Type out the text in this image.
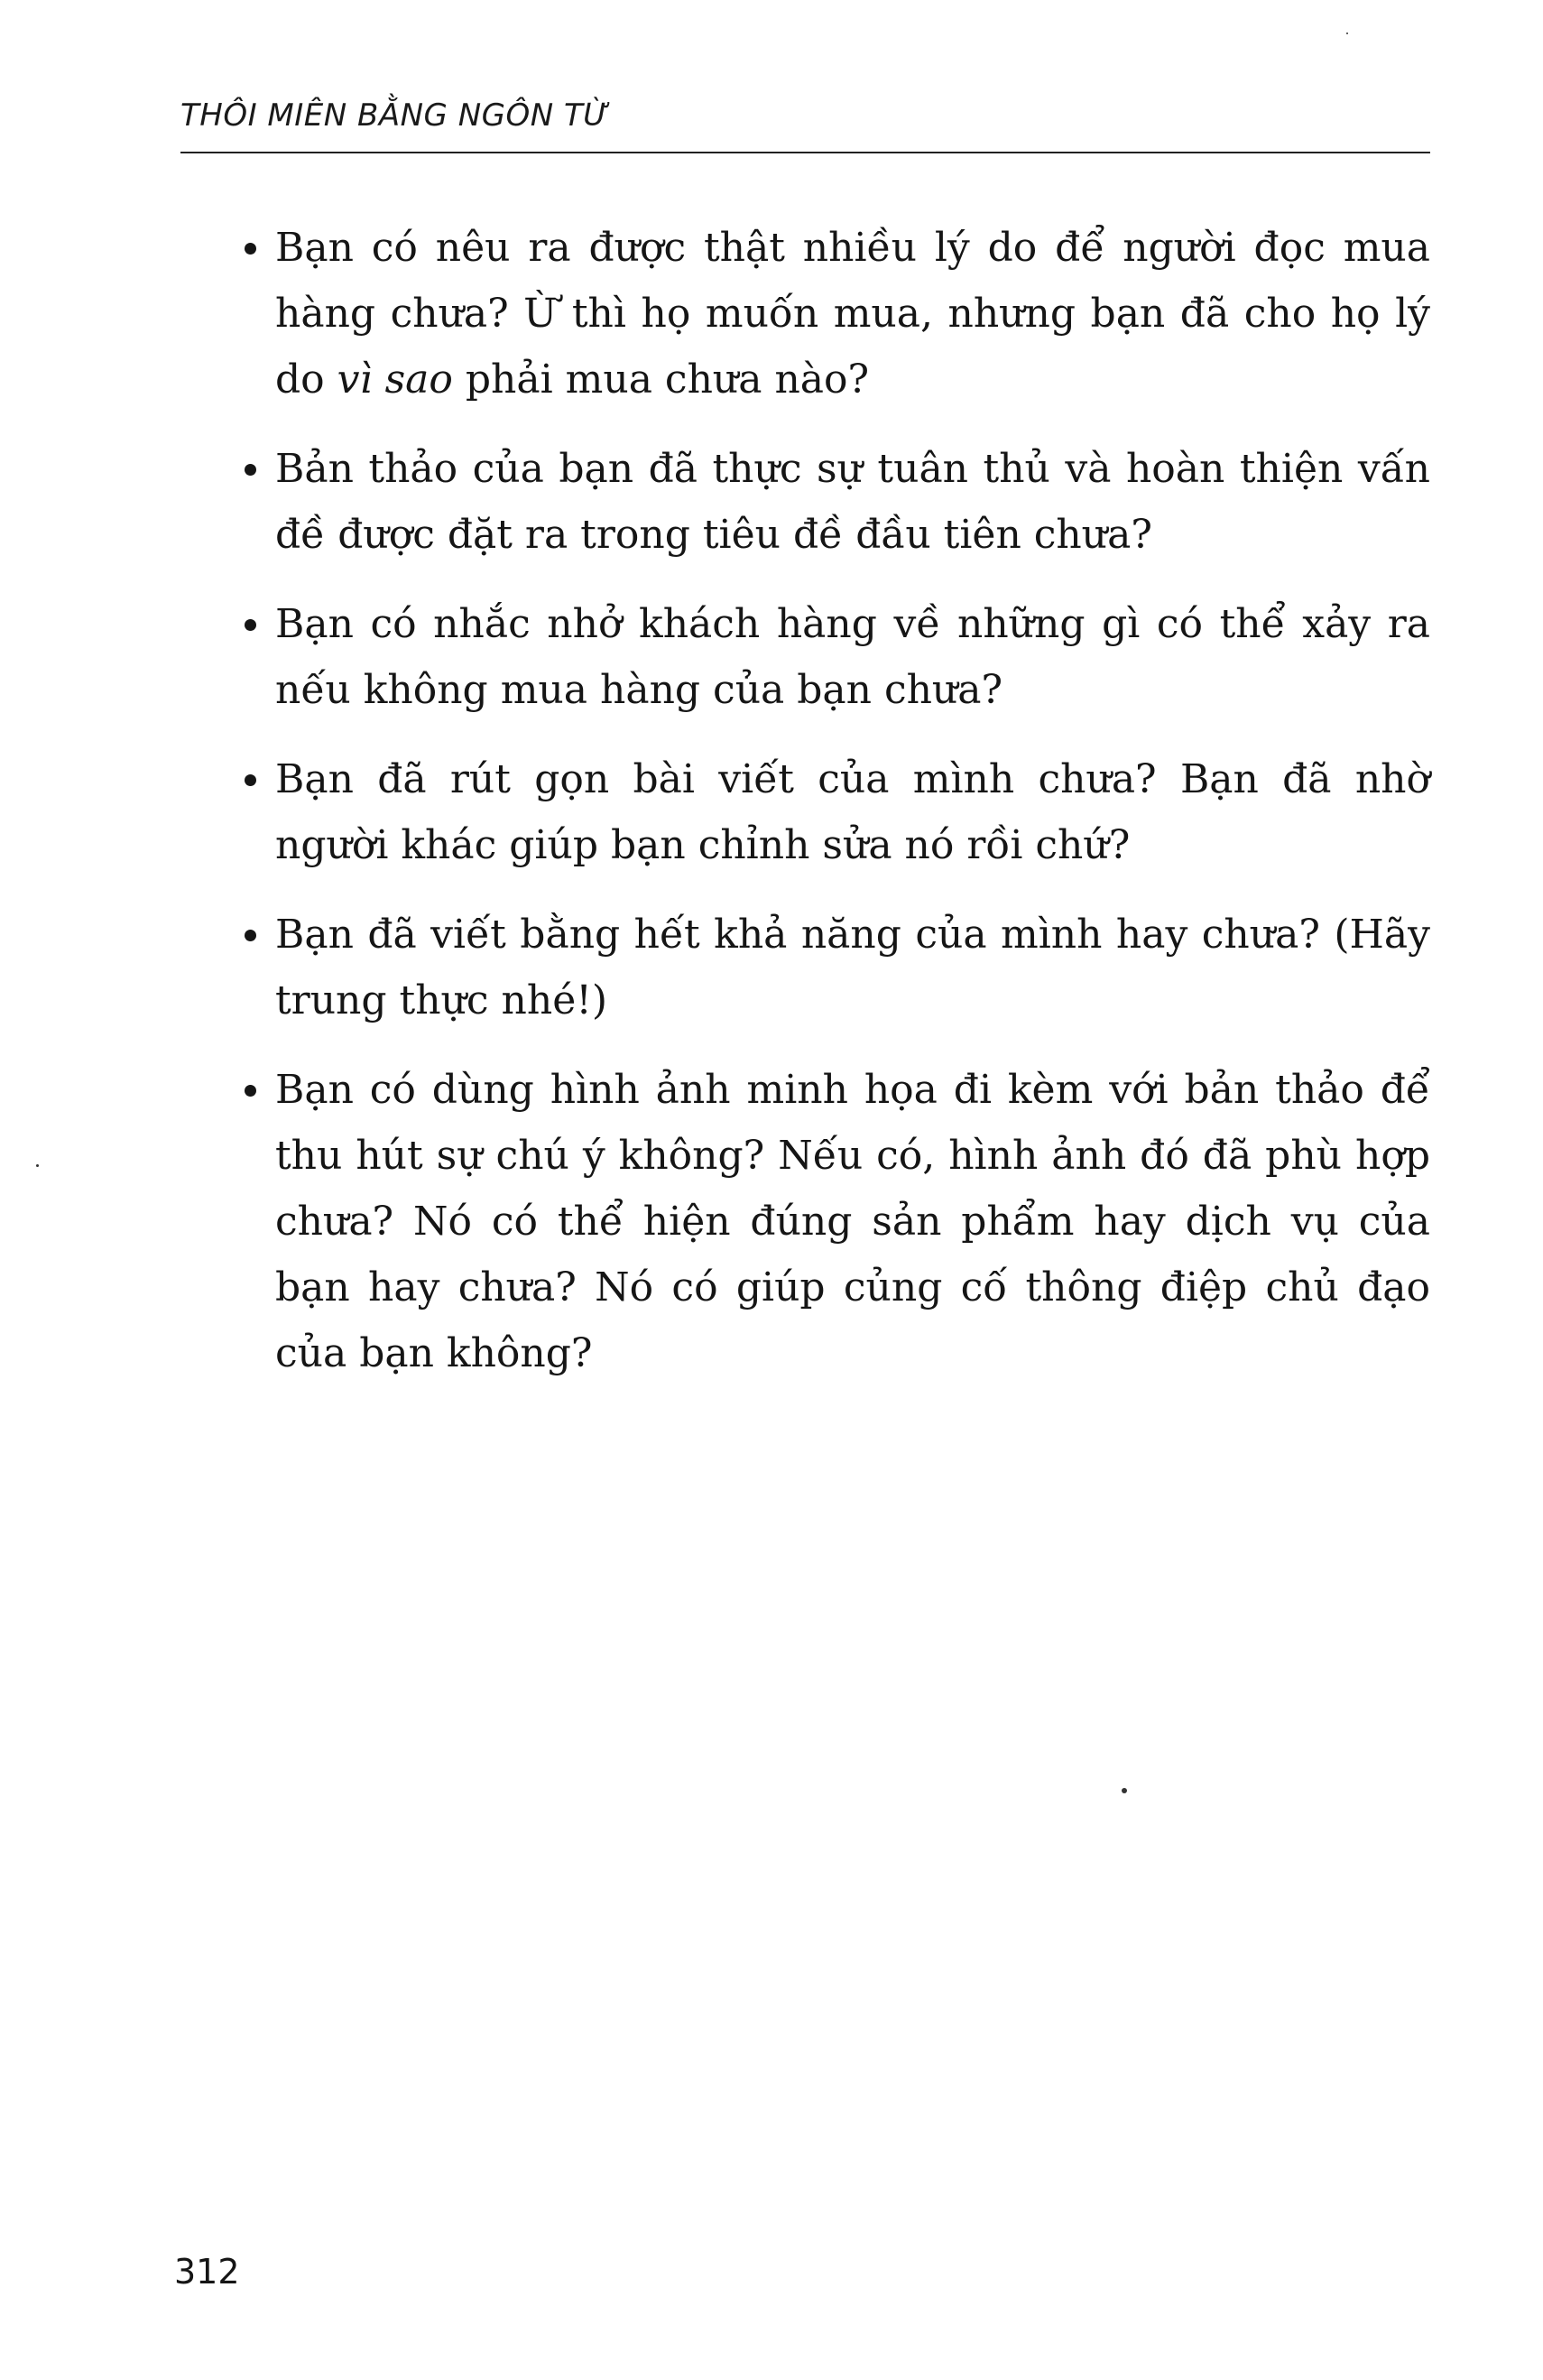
THÔI MIÊN BẰNG NGÔN TỪ
Bạn có nêu ra được thật nhiều lý do để người đọc mua hàng chưa? Ừ thì họ muốn mua, nhưng bạn đã cho họ lý do vì sao phải mua chưa nào?
Bản thảo của bạn đã thực sự tuân thủ và hoàn thiện vấn đề được đặt ra trong tiêu đề đầu tiên chưa?
Bạn có nhắc nhở khách hàng về những gì có thể xảy ra nếu không mua hàng của bạn chưa?
Bạn đã rút gọn bài viết của mình chưa? Bạn đã nhờ người khác giúp bạn chỉnh sửa nó rồi chứ?
Bạn đã viết bằng hết khả năng của mình hay chưa? (Hãy trung thực nhé!)
Bạn có dùng hình ảnh minh họa đi kèm với bản thảo để thu hút sự chú ý không? Nếu có, hình ảnh đó đã phù hợp chưa? Nó có thể hiện đúng sản phẩm hay dịch vụ của bạn hay chưa? Nó có giúp củng cố thông điệp chủ đạo của bạn không?
312
